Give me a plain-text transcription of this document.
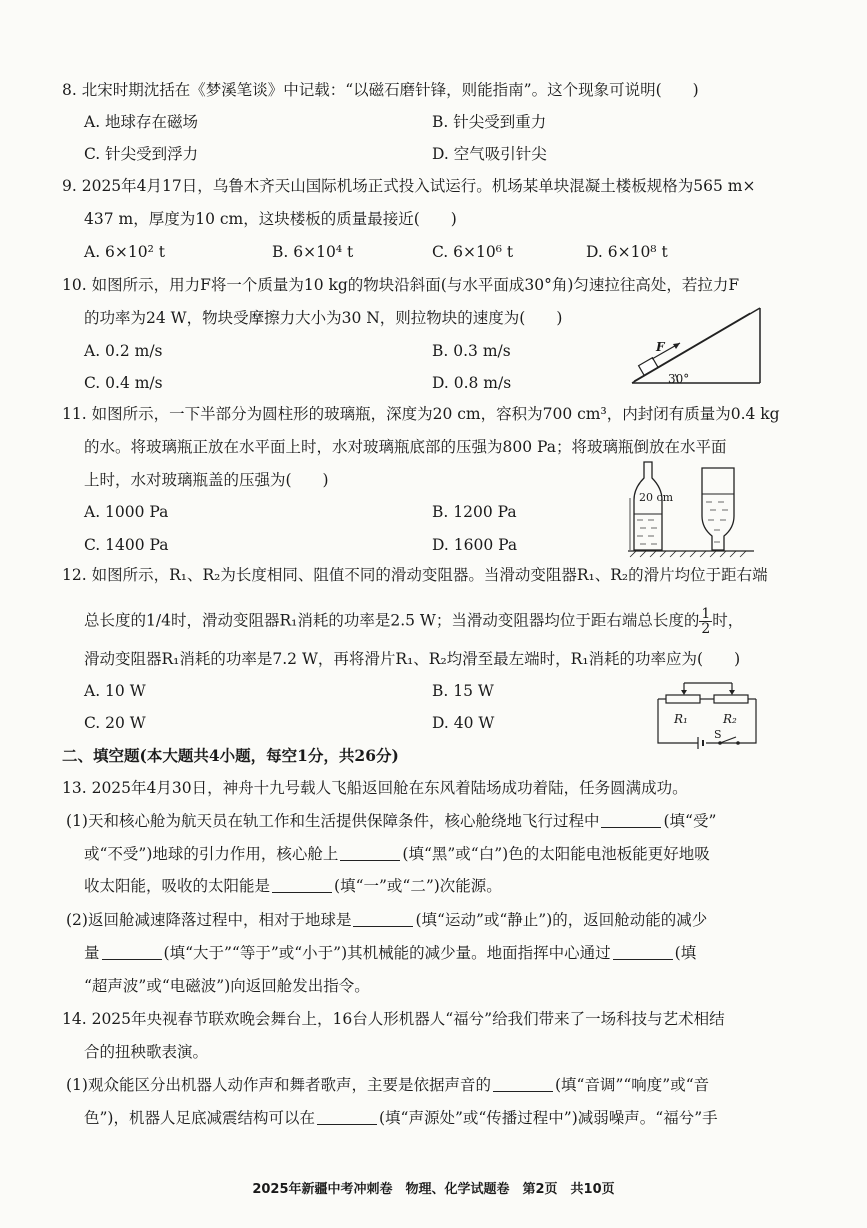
8. 北宋时期沈括在《梦溪笔谈》中记载：“以磁石磨针锋，则能指南”。这个现象可说明(　　)
A. 地球存在磁场	B. 针尖受到重力
C. 针尖受到浮力	D. 空气吸引针尖
9. 2025年4月17日，乌鲁木齐天山国际机场正式投入试运行。机场某单块混凝土楼板规格为565 m×
437 m，厚度为10 cm，这块楼板的质量最接近(　　)
A. 6×10² t	B. 6×10⁴ t	C. 6×10⁶ t	D. 6×10⁸ t
10. 如图所示，用力F将一个质量为10 kg的物块沿斜面(与水平面成30°角)匀速拉往高处，若拉力F
的功率为24 W，物块受摩擦力大小为30 N，则拉物块的速度为(　　)
A. 0.2 m/s	B. 0.3 m/s
C. 0.4 m/s	D. 0.8 m/s
F
30°
11. 如图所示，一下半部分为圆柱形的玻璃瓶，深度为20 cm，容积为700 cm³，内封闭有质量为0.4 kg
的水。将玻璃瓶正放在水平面上时，水对玻璃瓶底部的压强为800 Pa；将玻璃瓶倒放在水平面
上时，水对玻璃瓶盖的压强为(　　)
A. 1000 Pa	B. 1200 Pa
C. 1400 Pa	D. 1600 Pa
20 cm
12. 如图所示，R₁、R₂为长度相同、阻值不同的滑动变阻器。当滑动变阻器R₁、R₂的滑片均位于距右端
总长度的1/4时，滑动变阻器R₁消耗的功率是2.5 W；当滑动变阻器均位于距右端总长度的 $\frac{1}{2}$ 时，
滑动变阻器R₁消耗的功率是7.2 W，再将滑片R₁、R₂均滑至最左端时，R₁消耗的功率应为(　　)
A. 10 W	B. 15 W
C. 20 W	D. 40 W	R₁	R₂
S
二、填空题(本大题共4小题，每空1分，共26分)
13. 2025年4月30日，神舟十九号载人飞船返回舱在东风着陆场成功着陆，任务圆满成功。
(1)天和核心舱为航天员在轨工作和生活提供保障条件，核心舱绕地飞行过程中	(填“受”
或“不受”)地球的引力作用，核心舱上	(填“黑”或“白”)色的太阳能电池板能更好地吸
收太阳能，吸收的太阳能是	(填“一”或“二”)次能源。
(2)返回舱减速降落过程中，相对于地球是	(填“运动”或“静止”)的，返回舱动能的减少
量	(填“大于”“等于”或“小于”)其机械能的减少量。地面指挥中心通过	(填
“超声波”或“电磁波”)向返回舱发出指令。
14. 2025年央视春节联欢晚会舞台上，16台人形机器人“福兮”给我们带来了一场科技与艺术相结
合的扭秧歌表演。
(1)观众能区分出机器人动作声和舞者歌声，主要是依据声音的	(填“音调”“响度”或“音
色”)，机器人足底减震结构可以在	(填“声源处”或“传播过程中”)减弱噪声。“福兮”手
2025年新疆中考冲刺卷　物理、化学试题卷　第2页　共10页
